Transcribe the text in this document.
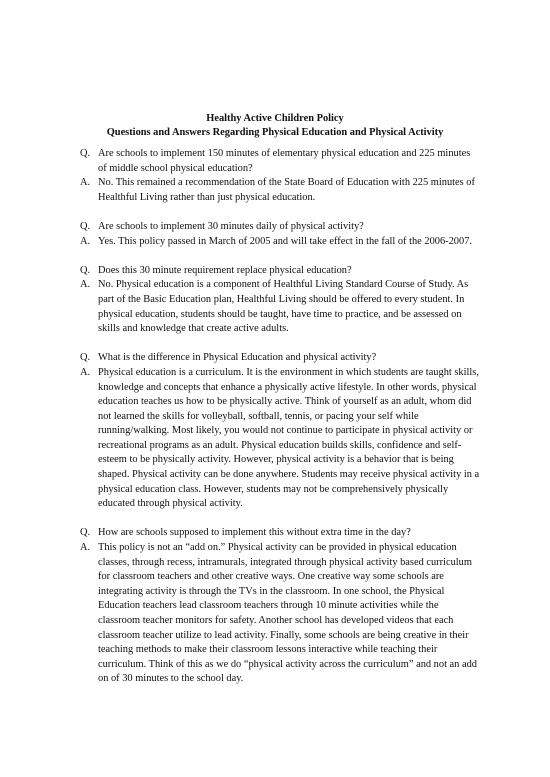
Healthy Active Children Policy
Questions and Answers Regarding Physical Education and Physical Activity
Q. Are schools to implement 150 minutes of elementary physical education and 225 minutes of middle school physical education?
A. No. This remained a recommendation of the State Board of Education with 225 minutes of Healthful Living rather than just physical education.
Q. Are schools to implement 30 minutes daily of physical activity?
A. Yes. This policy passed in March of 2005 and will take effect in the fall of the 2006-2007.
Q. Does this 30 minute requirement replace physical education?
A. No. Physical education is a component of Healthful Living Standard Course of Study. As part of the Basic Education plan, Healthful Living should be offered to every student. In physical education, students should be taught, have time to practice, and be assessed on skills and knowledge that create active adults.
Q. What is the difference in Physical Education and physical activity?
A. Physical education is a curriculum. It is the environment in which students are taught skills, knowledge and concepts that enhance a physically active lifestyle. In other words, physical education teaches us how to be physically active. Think of yourself as an adult, whom did not learned the skills for volleyball, softball, tennis, or pacing your self while running/walking. Most likely, you would not continue to participate in physical activity or recreational programs as an adult. Physical education builds skills, confidence and self-esteem to be physically activity. However, physical activity is a behavior that is being shaped. Physical activity can be done anywhere. Students may receive physical activity in a physical education class. However, students may not be comprehensively physically educated through physical activity.
Q. How are schools supposed to implement this without extra time in the day?
A. This policy is not an “add on.” Physical activity can be provided in physical education classes, through recess, intramurals, integrated through physical activity based curriculum for classroom teachers and other creative ways. One creative way some schools are integrating activity is through the TVs in the classroom. In one school, the Physical Education teachers lead classroom teachers through 10 minute activities while the classroom teacher monitors for safety. Another school has developed videos that each classroom teacher utilize to lead activity. Finally, some schools are being creative in their teaching methods to make their classroom lessons interactive while teaching their curriculum. Think of this as we do “physical activity across the curriculum” and not an add on of 30 minutes to the school day.
